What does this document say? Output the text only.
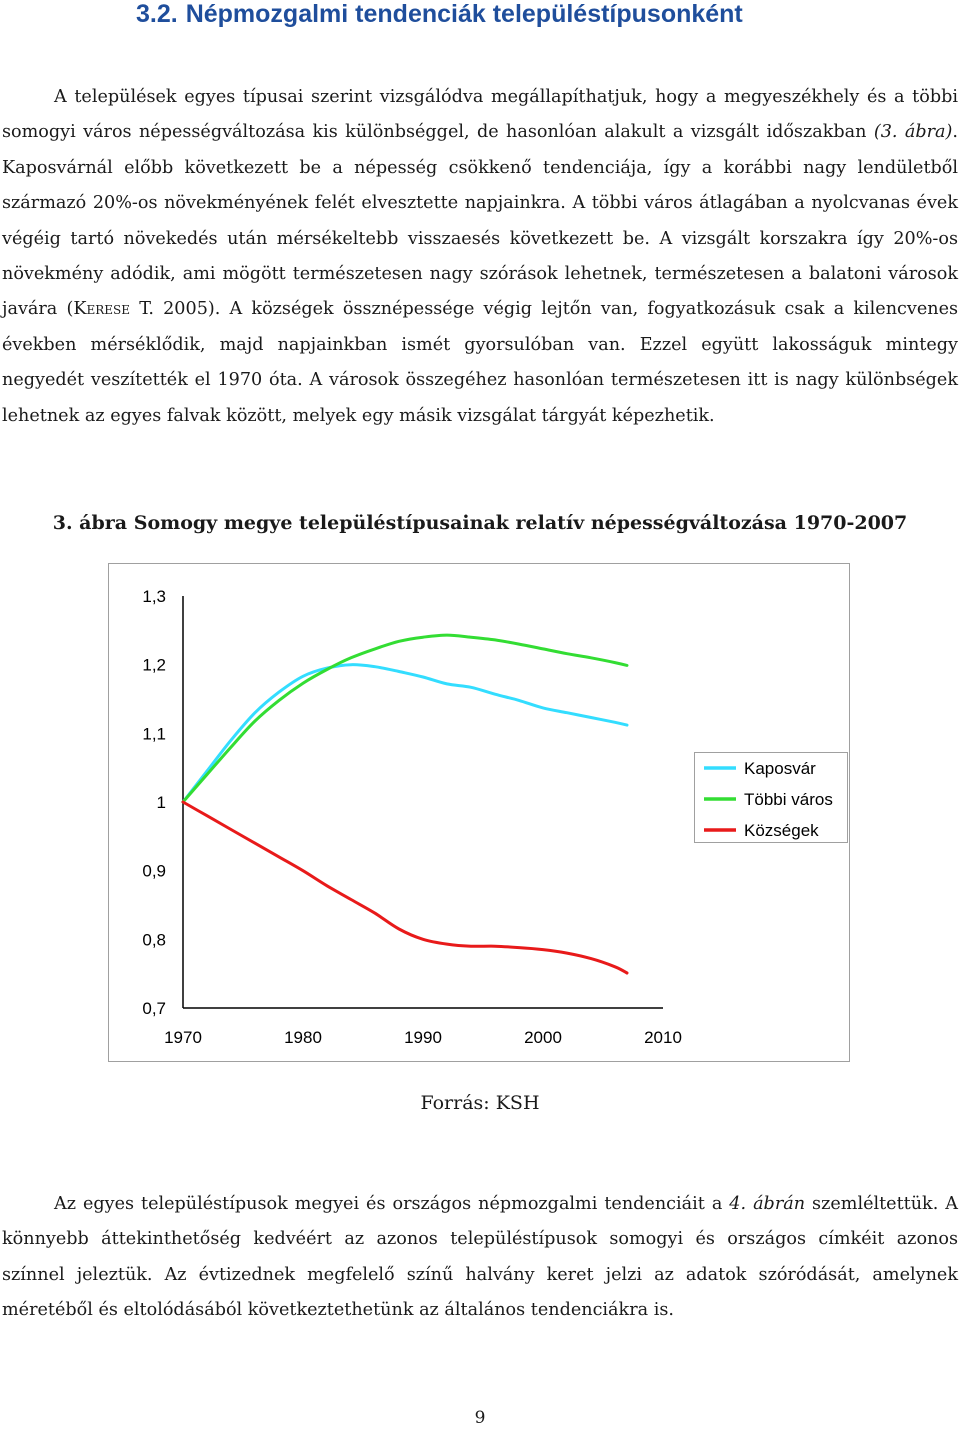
3.2. Népmozgalmi tendenciák településtípusonként

A települések egyes típusai szerint vizsgálódva megállapíthatjuk, hogy a megyeszékhely és a többi somogyi város népességváltozása kis különbséggel, de hasonlóan alakult a vizsgált időszakban (3. ábra). Kaposvárnál előbb következett be a népesség csökkenő tendenciája, így a korábbi nagy lendületből származó 20%-os növekményének felét elvesztette napjainkra. A többi város átlagában a nyolcvanas évek végéig tartó növekedés után mérsékeltebb visszaesés következett be. A vizsgált korszakra így 20%-os növekmény adódik, ami mögött természetesen nagy szórások lehetnek, természetesen a balatoni városok javára (Kerese T. 2005). A községek össznépessége végig lejtőn van, fogyatkozásuk csak a kilencvenes években mérséklődik, majd napjainkban ismét gyorsulóban van. Ezzel együtt lakosságuk mintegy negyedét veszítették el 1970 óta. A városok összegéhez hasonlóan természetesen itt is nagy különbségek lehetnek az egyes falvak között, melyek egy másik vizsgálat tárgyát képezhetik.

3. ábra Somogy megye településtípusainak relatív népességváltozása 1970-2007

1,3
1,2
1,1
1
0,9
0,8
0,7
1970	1980	1990	2000	2010
Kaposvár
Többi város
Községek

Forrás: KSH

Az egyes településtípusok megyei és országos népmozgalmi tendenciáit a 4. ábrán szemléltettük. A könnyebb áttekinthetőség kedvéért az azonos településtípusok somogyi és országos címkéit azonos színnel jeleztük. Az évtizednek megfelelő színű halvány keret jelzi az adatok szóródását, amelynek méretéből és eltolódásából következtethetünk az általános tendenciákra is.

9
